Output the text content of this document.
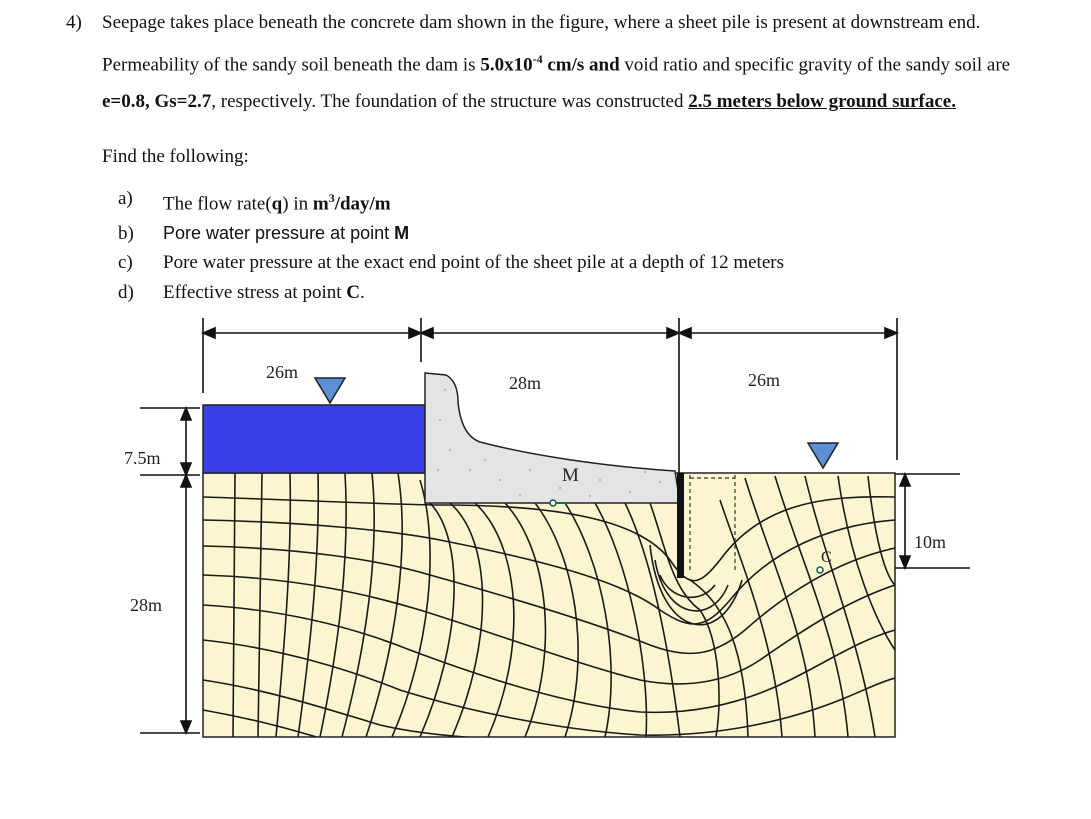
4) Seepage takes place beneath the concrete dam shown in the figure, where a sheet pile is present at downstream end. Permeability of the sandy soil beneath the dam is $5.0x10^{-4}$ cm/s and void ratio and specific gravity of the sandy soil are e=0.8, Gs=2.7, respectively. The foundation of the structure was constructed 2.5 meters below ground surface.
Find the following:
a)	The flow rate(q) in $m^3/day/m$
b)	Pore water pressure at point M
c)	Pore water pressure at the exact end point of the sheet pile at a depth of 12 meters
d)	Effective stress at point C.
26m
28m	26m
7.5m
28m
10m
M
C
